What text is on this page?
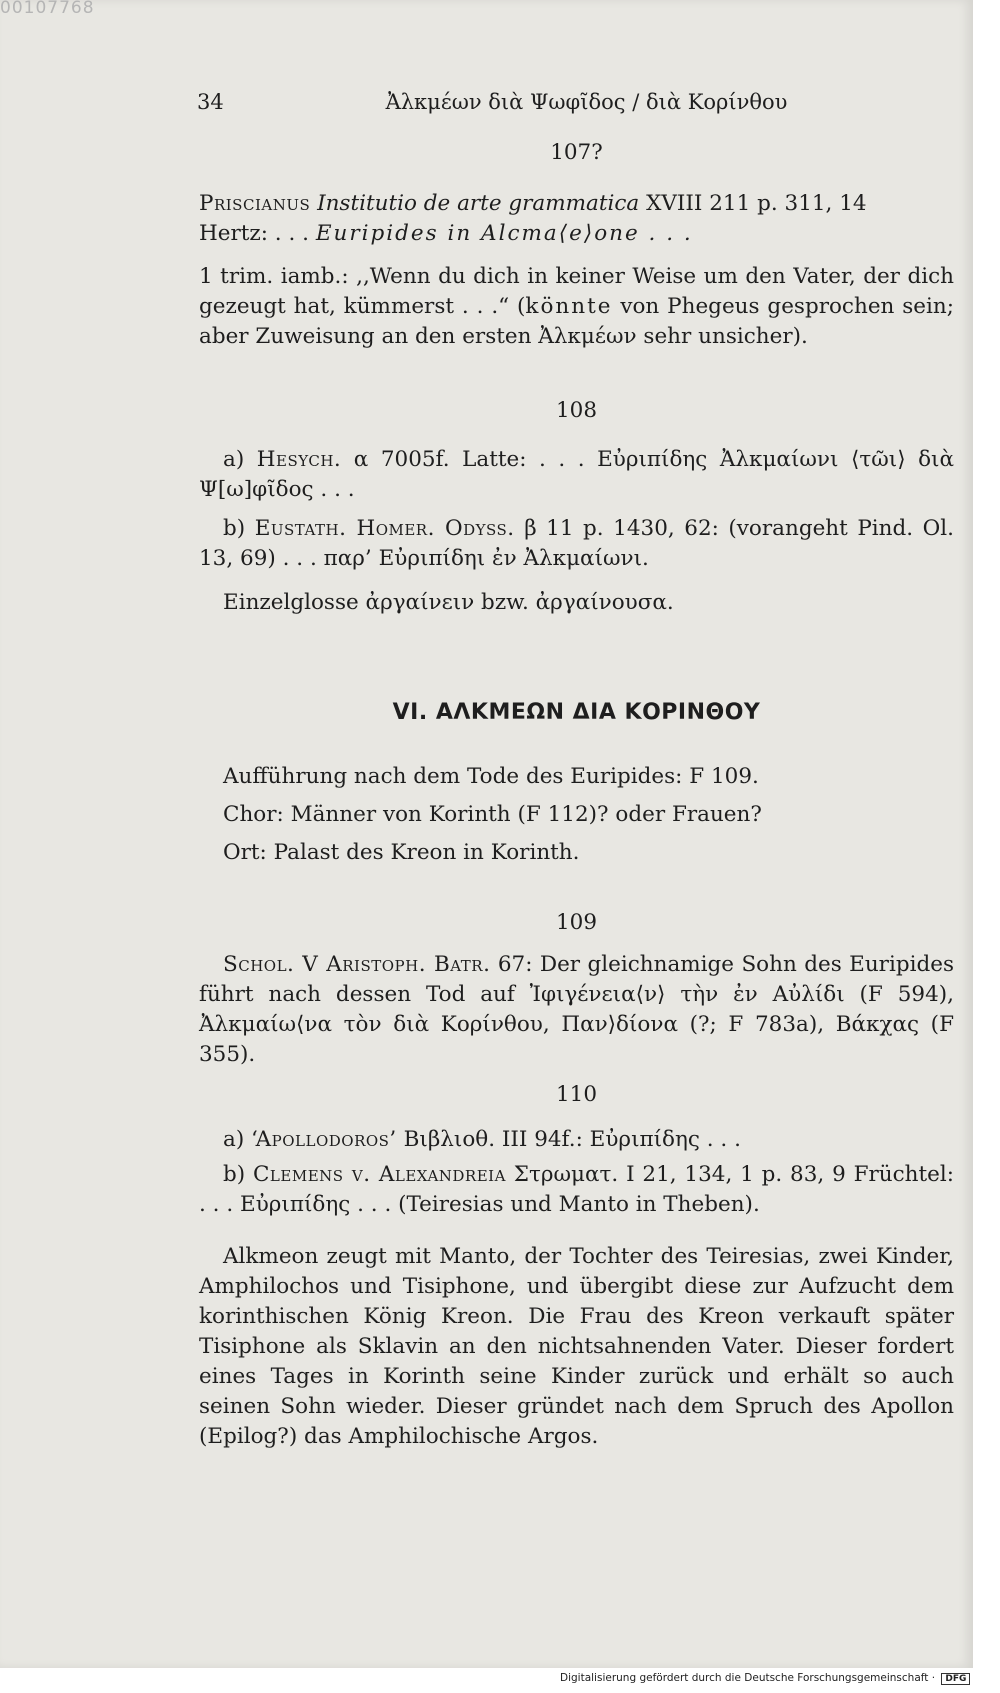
00107768
34	Ἀλκμέων διὰ Ψωφῖδος / διὰ Κορίνθου
107?
Priscianus Institutio de arte grammatica XVIII 211 p. 311, 14
Hertz: . . . Euripides in Alcma⟨e⟩one . . .
1 trim. iamb.: ,,Wenn du dich in keiner Weise um den Vater, der dich gezeugt hat, kümmerst . . .“ (könnte von Phegeus gesprochen sein; aber Zuweisung an den ersten Ἀλκμέων sehr unsicher).
108
a) Hesych. α 7005f. Latte: . . . Εὐριπίδης Ἀλκμαίωνι ⟨τῶι⟩ διὰ Ψ[ω]φῖδος . . .
b) Eustath. Homer. Odyss. β 11 p. 1430, 62: (vorangeht Pind. Ol. 13, 69) . . . παρ’ Εὐριπίδηι ἐν Ἀλκμαίωνι.
Einzelglosse ἀργαίνειν bzw. ἀργαίνουσα.
VI. ΑΛΚΜΕΩΝ ΔΙΑ ΚΟΡΙΝΘΟΥ
Aufführung nach dem Tode des Euripides: F 109.
Chor: Männer von Korinth (F 112)? oder Frauen?
Ort: Palast des Kreon in Korinth.
109
Schol. V Aristoph. Batr. 67: Der gleichnamige Sohn des Euripides führt nach dessen Tod auf Ἰφιγένεια⟨ν⟩ τὴν ἐν Αὐλίδι (F 594), Ἀλκμαίω⟨να τὸν διὰ Κορίνθου, Παν⟩δίονα (?; F 783a), Βάκχας (F 355).
110
a) ‘Apollodoros’ Βιβλιοθ. III 94f.: Εὐριπίδης . . .
b) Clemens v. Alexandreia Στρωματ. I 21, 134, 1 p. 83, 9 Früchtel: . . . Εὐριπίδης . . . (Teiresias und Manto in Theben).
Alkmeon zeugt mit Manto, der Tochter des Teiresias, zwei Kinder, Amphilochos und Tisiphone, und übergibt diese zur Aufzucht dem korinthischen König Kreon. Die Frau des Kreon verkauft später Tisiphone als Sklavin an den nichtsahnenden Vater. Dieser fordert eines Tages in Korinth seine Kinder zurück und erhält so auch seinen Sohn wieder. Dieser gründet nach dem Spruch des Apollon (Epilog?) das Amphilochische Argos.
Digitalisierung gefördert durch die Deutsche Forschungsgemeinschaft · DFG
